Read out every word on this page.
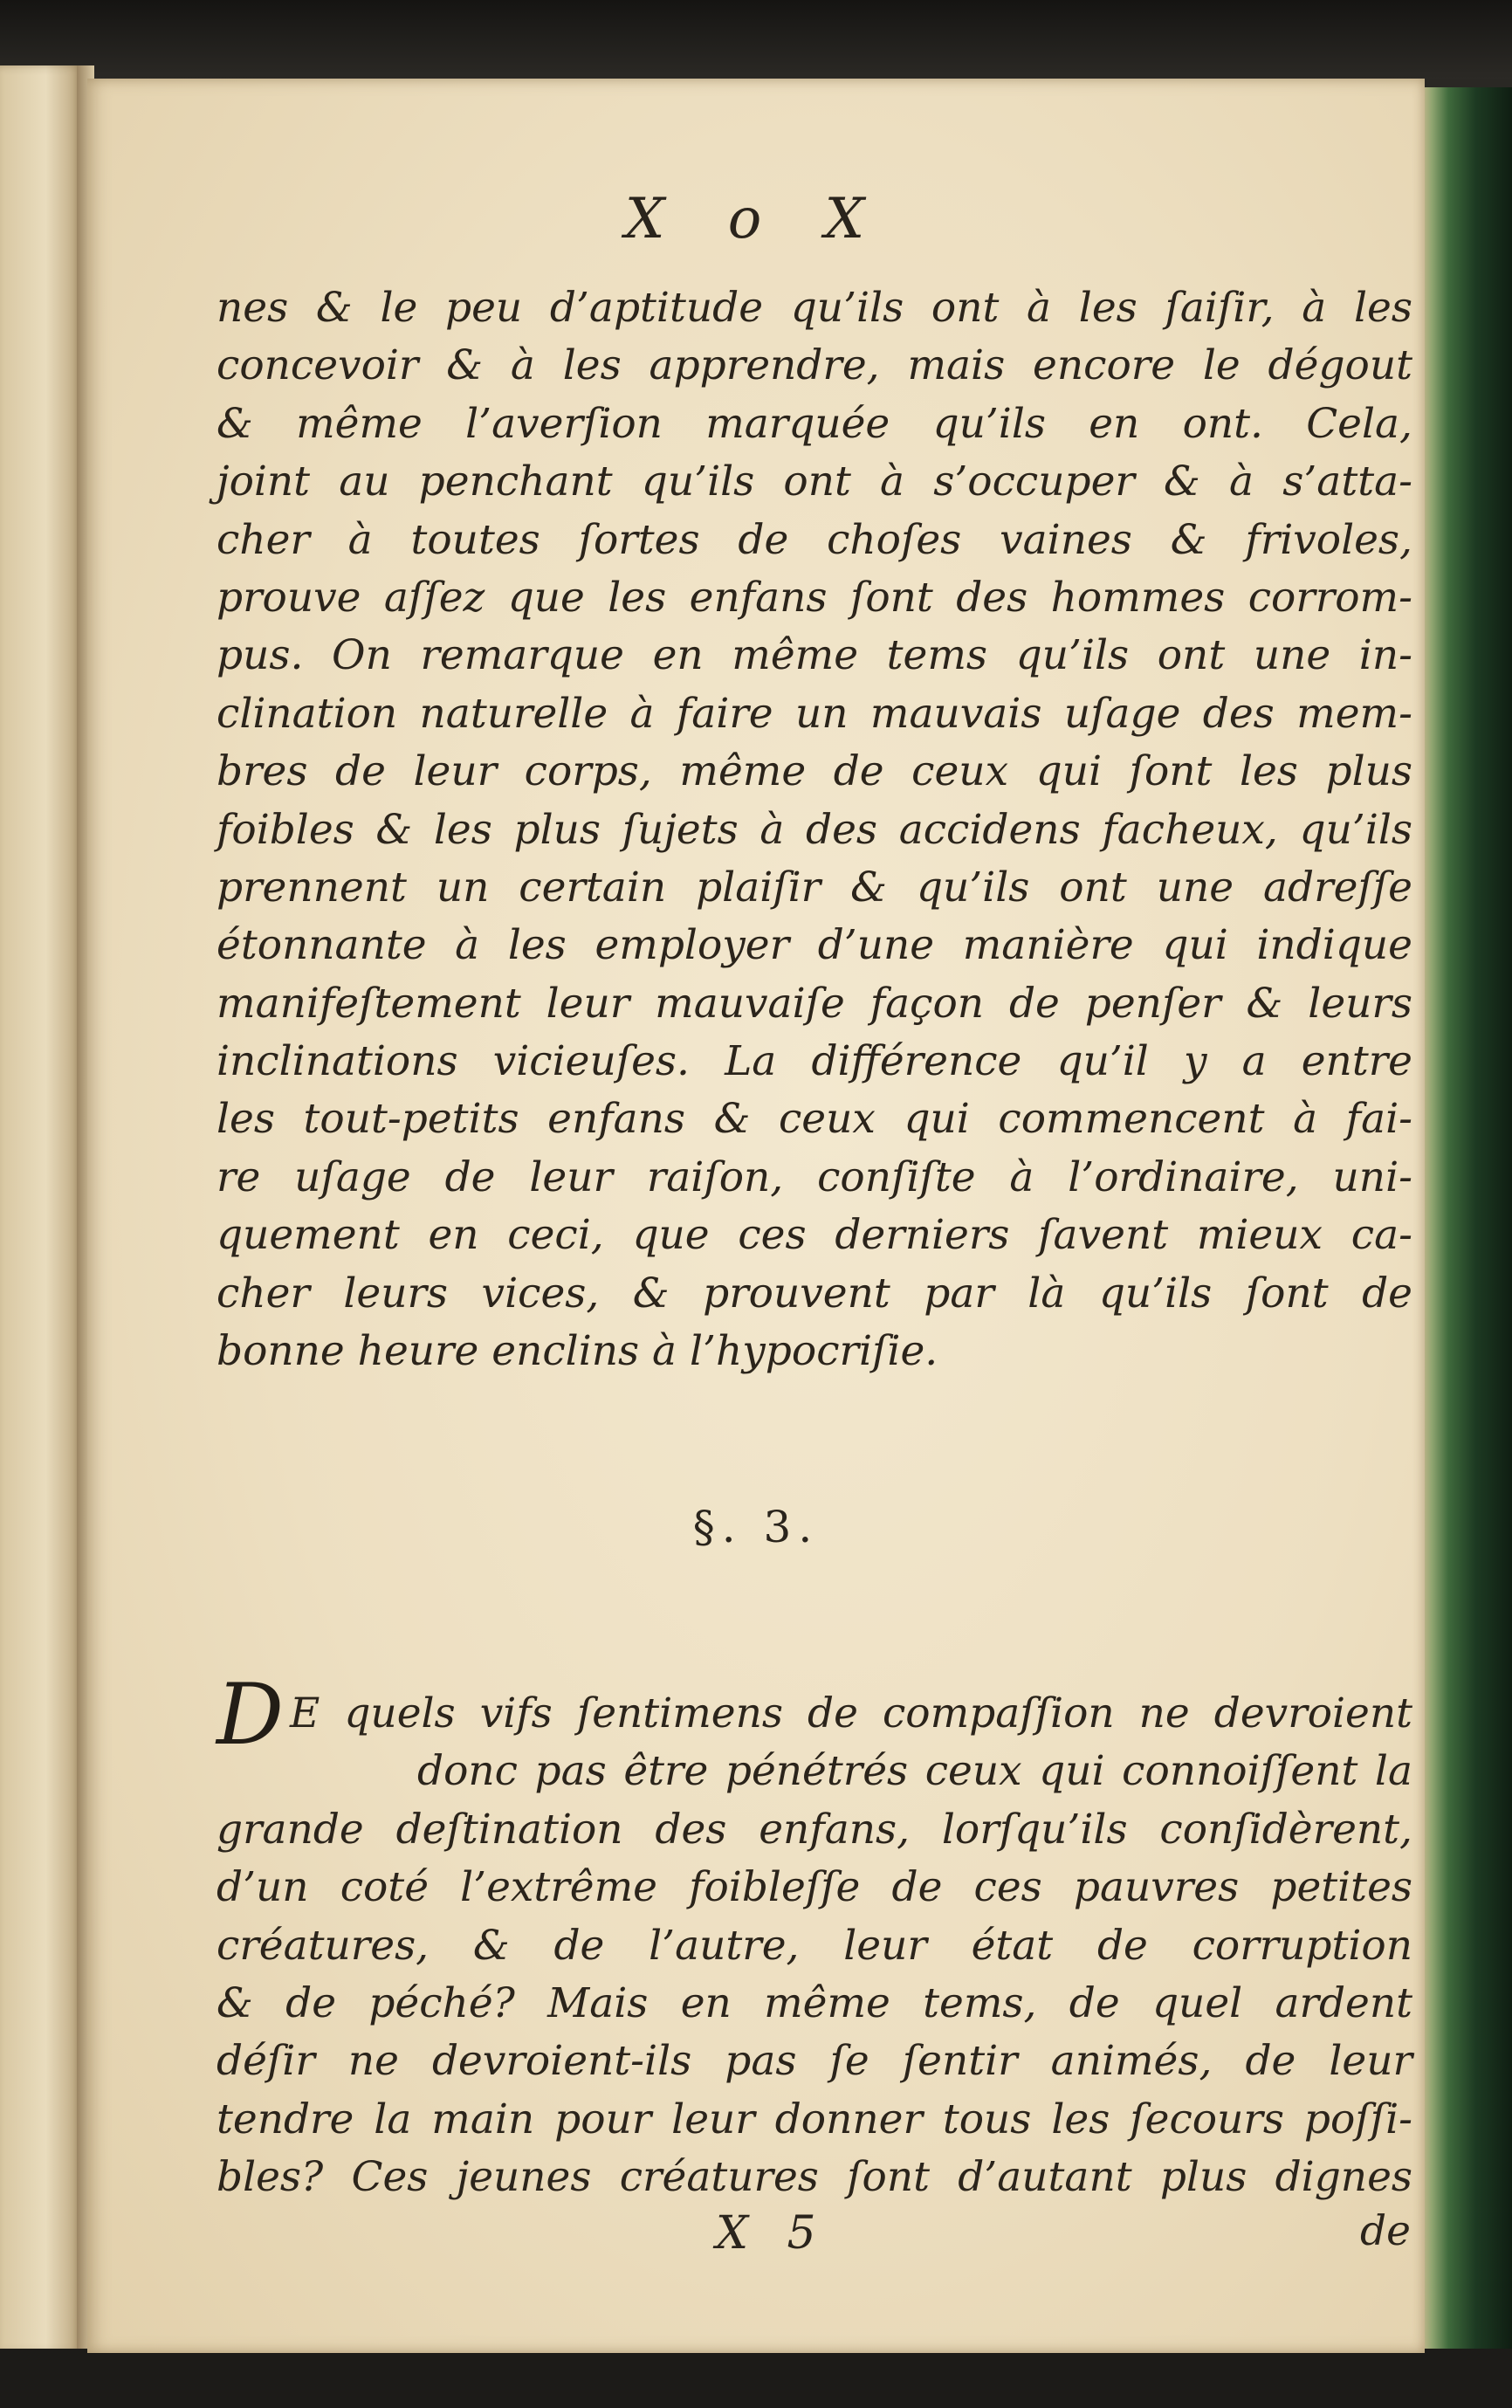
X o X
nes & le peu d’aptitude qu’ils ont à les ſaiſir, à les
concevoir & à les apprendre, mais encore le dégout
& même l’averſion marquée qu’ils en ont. Cela,
joint au penchant qu’ils ont à s’occuper & à s’atta-
cher à toutes ſortes de choſes vaines & frivoles,
prouve aſſez que les enfans ſont des hommes corrom-
pus. On remarque en même tems qu’ils ont une in-
clination naturelle à faire un mauvais uſage des mem-
bres de leur corps, même de ceux qui ſont les plus
foibles & les plus ſujets à des accidens facheux, qu’ils
prennent un certain plaiſir & qu’ils ont une adreſſe
étonnante à les employer d’une manière qui indique
manifeſtement leur mauvaiſe façon de penſer & leurs
inclinations vicieuſes. La différence qu’il y a entre
les tout-petits enfans & ceux qui commencent à fai-
re uſage de leur raiſon, conſiſte à l’ordinaire, uni-
quement en ceci, que ces derniers ſavent mieux ca-
cher leurs vices, & prouvent par là qu’ils ſont de
bonne heure enclins à l’hypocriſie.
§. 3.
D E quels vifs ſentimens de compaſſion ne devroient
donc pas être pénétrés ceux qui connoiſſent la
grande deſtination des enfans, lorſqu’ils conſidèrent,
d’un coté l’extrême foibleſſe de ces pauvres petites
créatures, & de l’autre, leur état de corruption
& de péché? Mais en même tems, de quel ardent
déſir ne devroient-ils pas ſe ſentir animés, de leur
tendre la main pour leur donner tous les ſecours poſſi-
bles? Ces jeunes créatures ſont d’autant plus dignes
X 5	de
